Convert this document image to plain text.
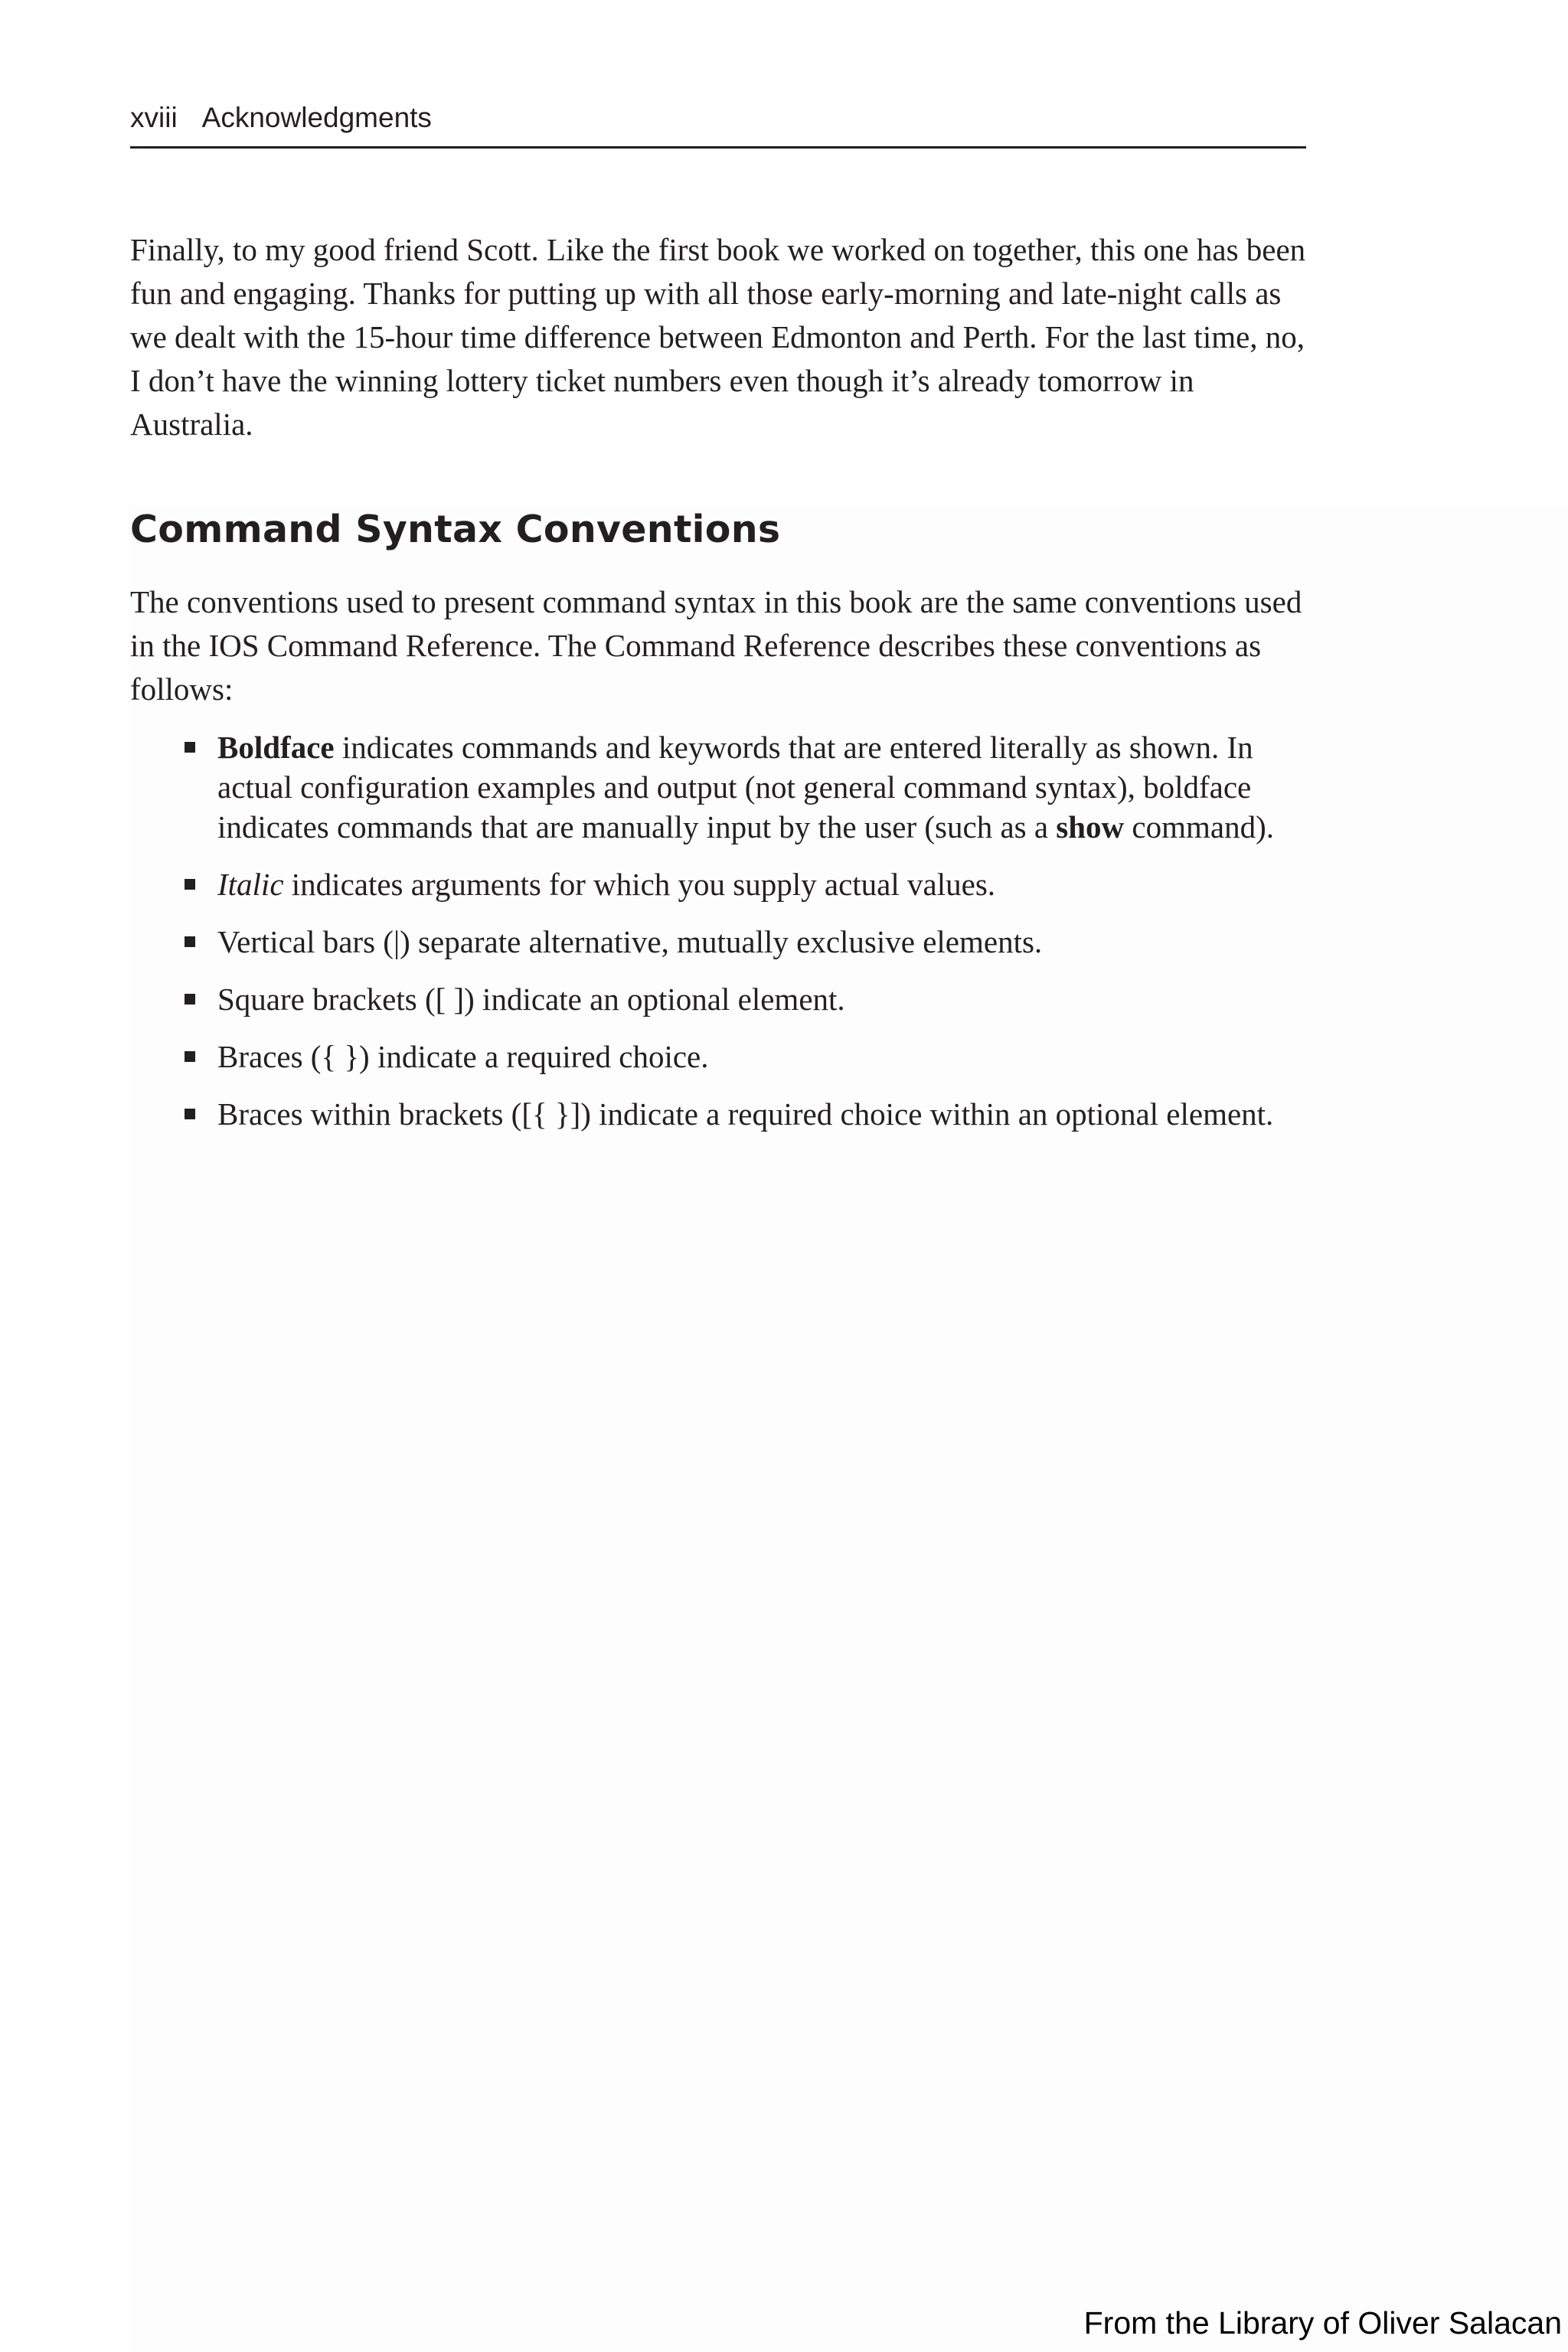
xviii Acknowledgments

Finally, to my good friend Scott. Like the first book we worked on together, this one has been fun and engaging. Thanks for putting up with all those early-morning and late-night calls as we dealt with the 15-hour time difference between Edmonton and Perth. For the last time, no, I don’t have the winning lottery ticket numbers even though it’s already tomorrow in Australia.

Command Syntax Conventions

The conventions used to present command syntax in this book are the same conventions used in the IOS Command Reference. The Command Reference describes these conventions as follows:

Boldface indicates commands and keywords that are entered literally as shown. In actual configuration examples and output (not general command syntax), boldface indicates commands that are manually input by the user (such as a show command).
Italic indicates arguments for which you supply actual values.
Vertical bars (|) separate alternative, mutually exclusive elements.
Square brackets ([ ]) indicate an optional element.
Braces ({ }) indicate a required choice.
Braces within brackets ([{ }]) indicate a required choice within an optional element.
From the Library of Oliver Salacan
